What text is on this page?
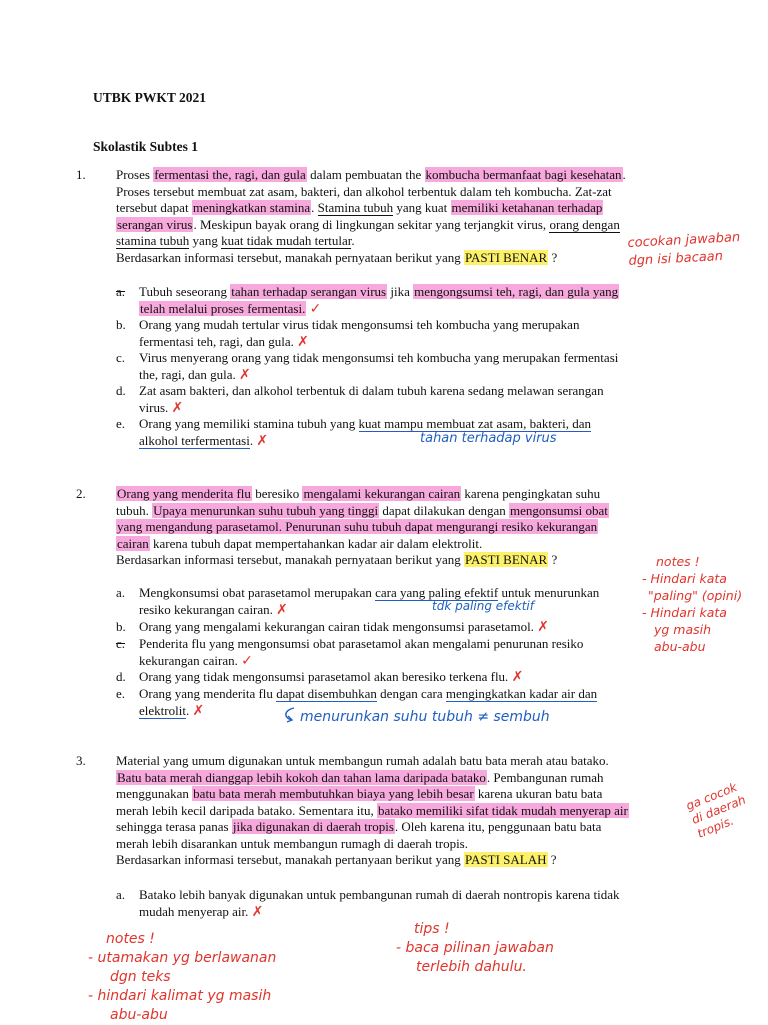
UTBK PWKT 2021
Skolastik Subtes 1
1.	Proses fermentasi the, ragi, dan gula dalam pembuatan the kombucha bermanfaat bagi kesehatan.
Proses tersebut membuat zat asam, bakteri, dan alkohol terbentuk dalam teh kombucha. Zat-zat
tersebut dapat meningkatkan stamina. Stamina tubuh yang kuat memiliki ketahanan terhadap
serangan virus. Meskipun bayak orang di lingkungan sekitar yang terjangkit virus, orang dengan
stamina tubuh yang kuat tidak mudah tertular.
Berdasarkan informasi tersebut, manakah pernyataan berikut yang PASTI BENAR ?
cocokan jawaban
dgn isi bacaan
a. Tubuh seseorang tahan terhadap serangan virus jika mengongsumsi teh, ragi, dan gula yang
telah melalui proses fermentasi. ✓
b. Orang yang mudah tertular virus tidak mengonsumsi teh kombucha yang merupakan
fermentasi teh, ragi, dan gula. ✗
c. Virus menyerang orang yang tidak mengonsumsi teh kombucha yang merupakan fermentasi
the, ragi, dan gula. ✗
d. Zat asam bakteri, dan alkohol terbentuk di dalam tubuh karena sedang melawan serangan
virus. ✗
e. Orang yang memiliki stamina tubuh yang kuat mampu membuat zat asam, bakteri, dan
alkohol terfermentasi. ✗	tahan terhadap virus
2.	Orang yang menderita flu beresiko mengalami kekurangan cairan karena pengingkatan suhu
tubuh. Upaya menurunkan suhu tubuh yang tinggi dapat dilakukan dengan mengonsumsi obat
yang mengandung parasetamol. Penurunan suhu tubuh dapat mengurangi resiko kekurangan
cairan karena tubuh dapat mempertahankan kadar air dalam elektrolit.
Berdasarkan informasi tersebut, manakah pernyataan berikut yang PASTI BENAR ?	notes !
- Hindari kata
"paling" (opini)
- Hindari kata
yg masih
abu-abu
a. Mengkonsumsi obat parasetamol merupakan cara yang paling efektif untuk menurunkan
resiko kekurangan cairan. ✗	tdk paling efektif
b. Orang yang mengalami kekurangan cairan tidak mengonsumsi parasetamol. ✗
c. Penderita flu yang mengonsumsi obat parasetamol akan mengalami penurunan resiko
kekurangan cairan. ✓
d. Orang yang tidak mengonsumsi parasetamol akan beresiko terkena flu. ✗
e. Orang yang menderita flu dapat disembuhkan dengan cara mengingkatkan kadar air dan
elektrolit. ✗	menurunkan suhu tubuh ≠ sembuh
3.	Material yang umum digunakan untuk membangun rumah adalah batu bata merah atau batako.
Batu bata merah dianggap lebih kokoh dan tahan lama daripada batako. Pembangunan rumah
menggunakan batu bata merah membutuhkan biaya yang lebih besar karena ukuran batu bata
merah lebih kecil daripada batako. Sementara itu, batako memiliki sifat tidak mudah menyerap air
sehingga terasa panas jika digunakan di daerah tropis. Oleh karena itu, penggunaan batu bata
merah lebih disarankan untuk membangun rumagh di daerah tropis.
Berdasarkan informasi tersebut, manakah pertanyaan berikut yang PASTI SALAH ?
ga cocok
di daerah
tropis.
a. Batako lebih banyak digunakan untuk pembangunan rumah di daerah nontropis karena tidak
mudah menyerap air. ✗
notes !
- utamakan yg berlawanan
dgn teks
- hindari kalimat yg masih
abu-abu
tips !
- baca pilinan jawaban
terlebih dahulu.
